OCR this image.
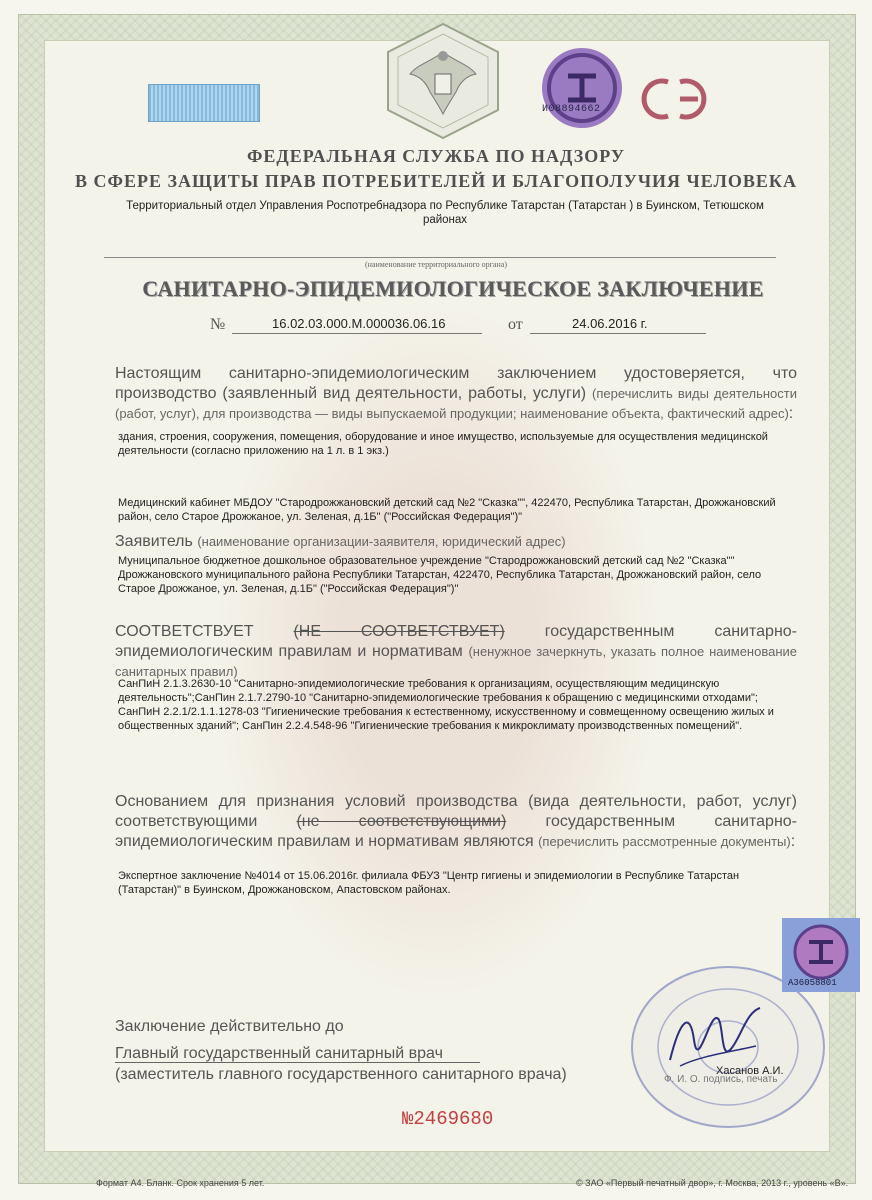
И08894662
ФЕДЕРАЛЬНАЯ СЛУЖБА ПО НАДЗОРУ
В СФЕРЕ ЗАЩИТЫ ПРАВ ПОТРЕБИТЕЛЕЙ И БЛАГОПОЛУЧИЯ ЧЕЛОВЕКА
Территориальный отдел Управления Роспотребнадзора по Республике Татарстан (Татарстан ) в Буинском, Тетюшском районах
(наименование территориального органа)
САНИТАРНО-ЭПИДЕМИОЛОГИЧЕСКОЕ ЗАКЛЮЧЕНИЕ
№	16.02.03.000.М.000036.06.16	от	24.06.2016 г.
Настоящим санитарно-эпидемиологическим заключением удостоверяется, что производство (заявленный вид деятельности, работы, услуги) (перечислить виды деятельности (работ, услуг), для производства — виды выпускаемой продукции; наименование объекта, фактический адрес):
здания, строения, сооружения, помещения, оборудование и иное имущество, используемые для осуществления медицинской деятельности (согласно приложению на 1 л. в 1 экз.)
Медицинский кабинет МБДОУ "Стародрожжановский детский сад №2 "Сказка"", 422470, Республика Татарстан, Дрожжановский район, село Старое Дрожжаное, ул. Зеленая, д.1Б" ("Российская Федерация")"
Заявитель (наименование организации-заявителя, юридический адрес)
Муниципальное бюджетное дошкольное образовательное учреждение "Стародрожжановский детский сад №2 "Сказка"" Дрожжановского муниципального района Республики Татарстан, 422470, Республика Татарстан, Дрожжановский район, село Старое Дрожжаное, ул. Зеленая, д.1Б" ("Российская Федерация")"
СООТВЕТСТВУЕТ (НЕ СООТВЕТСТВУЕТ) государственным санитарно-эпидемиологическим правилам и нормативам (ненужное зачеркнуть, указать полное наименование санитарных правил)
СанПиН 2.1.3.2630-10 "Санитарно-эпидемиологические требования к организациям, осуществляющим медицинскую деятельность";СанПин 2.1.7.2790-10 "Санитарно-эпидемиологические требования к обращению с медицинскими отходами"; СанПиН 2.2.1/2.1.1.1278-03 "Гигиенические требования к естественному, искусственному и совмещенному освещению жилых и общественных зданий"; СанПин 2.2.4.548-96 "Гигиенические требования к микроклимату производственных помещений".
Основанием для признания условий производства (вида деятельности, работ, услуг) соответствующими (не соответствующими) государственным санитарно-эпидемиологическим правилам и нормативам являются (перечислить рассмотренные документы):
Экспертное заключение №4014 от 15.06.2016г. филиала ФБУЗ "Центр гигиены и эпидемиологии в Республике Татарстан (Татарстан)" в Буинском, Дрожжановском, Апастовском районах.
Заключение действительно до
Главный государственный санитарный врач
(заместитель главного государственного санитарного врача)	Хасанов А.И.
Ф. И. О. подпись, печать
А36058801
№2469680
Формат А4. Бланк. Срок хранения 5 лет.	© ЗАО «Первый печатный двор», г. Москва, 2013 г., уровень «В».
